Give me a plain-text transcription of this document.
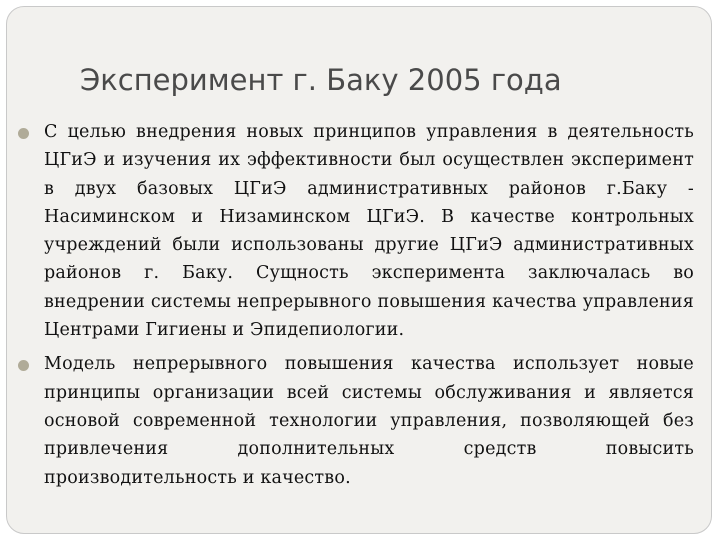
Эксперимент г. Баку 2005 года
С целью внедрения новых принципов управления в деятельность ЦГиЭ и изучения их эффективности был осуществлен эксперимент в двух базовых ЦГиЭ административных районов г.Баку - Насиминском и Низаминском ЦГиЭ. В качестве контрольных учреждений были использованы другие ЦГиЭ административных районов г. Баку. Сущность эксперимента заключалась во внедрении системы непрерывного повышения качества управления Центрами Гигиены и Эпидепиологии.
Модель непрерывного повышения качества использует новые принципы организации всей системы обслуживания и является основой современной технологии управления, позволяющей без привлечения дополнительных средств повысить производительность и качество.
